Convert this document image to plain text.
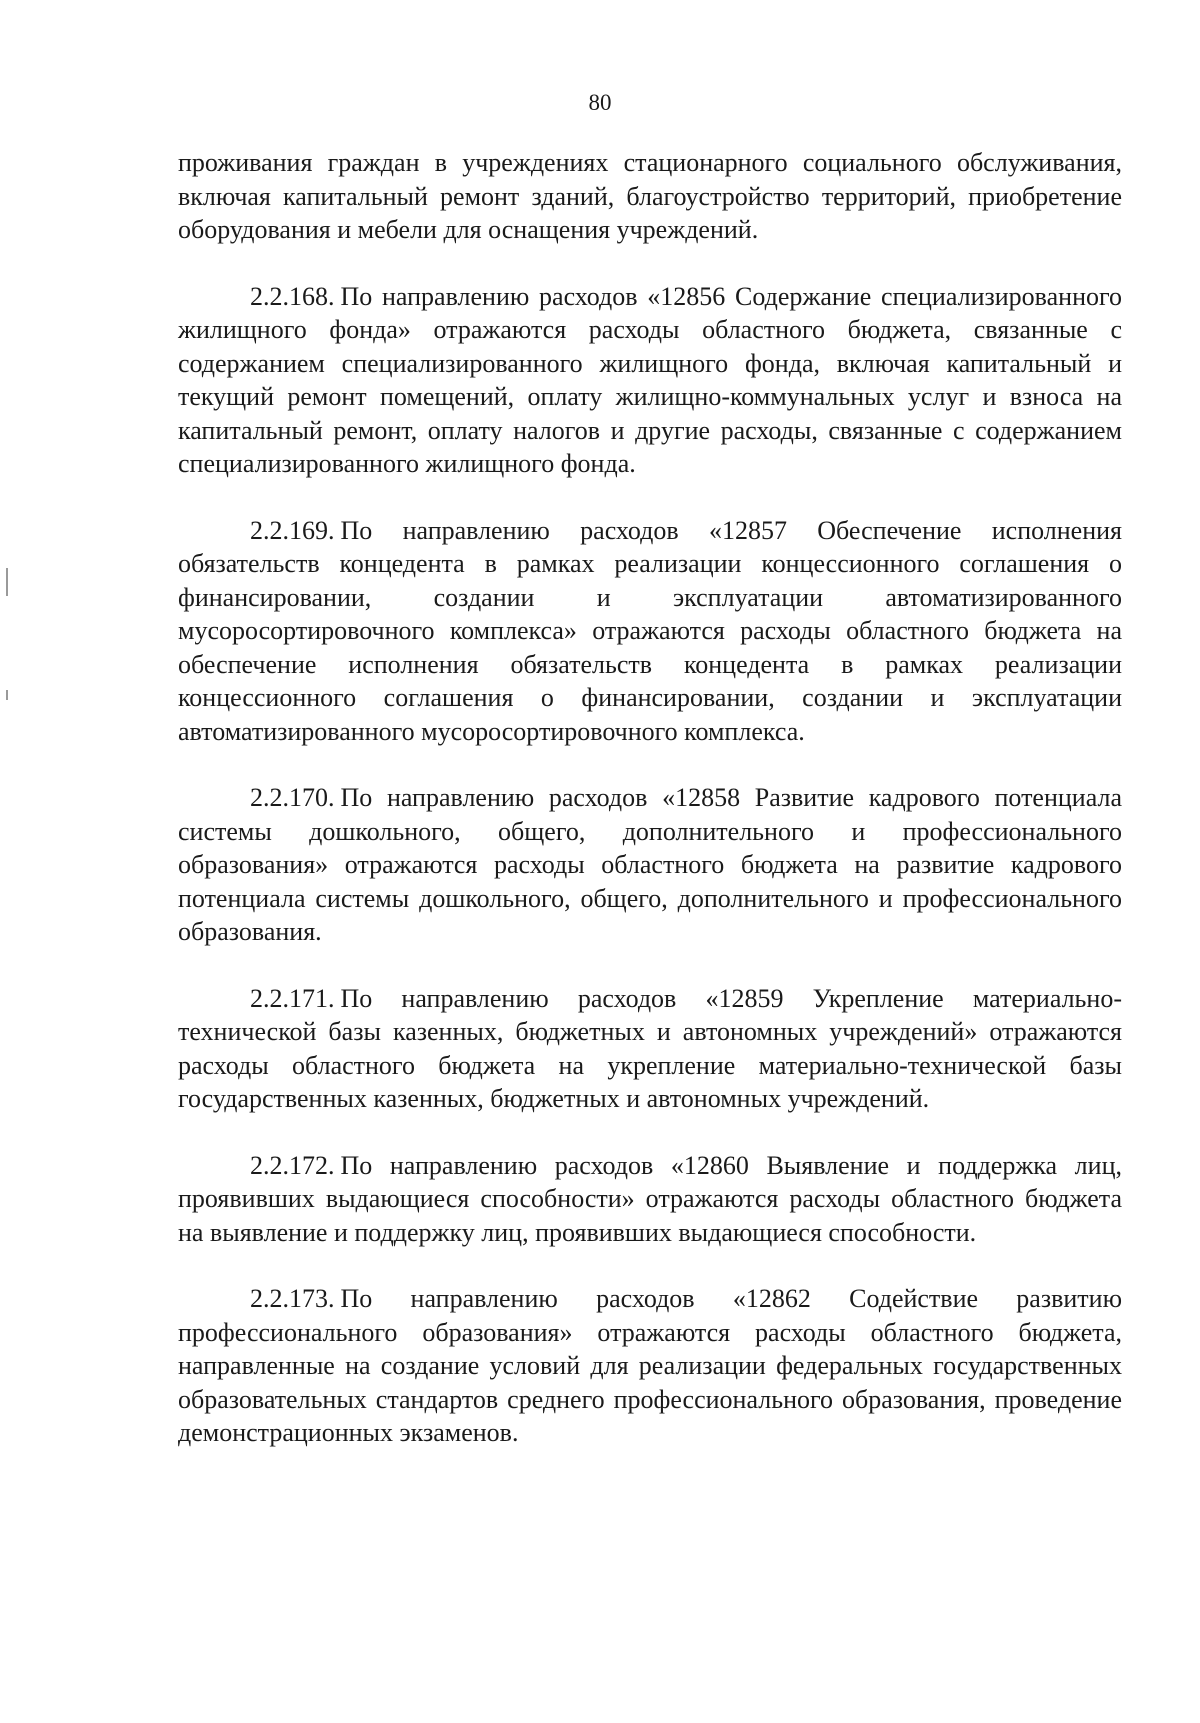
80

проживания граждан в учреждениях стационарного социального обслуживания, включая капитальный ремонт зданий, благоустройство территорий, приобретение оборудования и мебели для оснащения учреждений.

2.2.168. По направлению расходов «12856 Содержание специализированного жилищного фонда» отражаются расходы областного бюджета, связанные с содержанием специализированного жилищного фонда, включая капитальный и текущий ремонт помещений, оплату жилищно-коммунальных услуг и взноса на капитальный ремонт, оплату налогов и другие расходы, связанные с содержанием специализированного жилищного фонда.

2.2.169. По направлению расходов «12857 Обеспечение исполнения обязательств концедента в рамках реализации концессионного соглашения о финансировании, создании и эксплуатации автоматизированного мусоросортировочного комплекса» отражаются расходы областного бюджета на обеспечение исполнения обязательств концедента в рамках реализации концессионного соглашения о финансировании, создании и эксплуатации автоматизированного мусоросортировочного комплекса.

2.2.170. По направлению расходов «12858 Развитие кадрового потенциала системы дошкольного, общего, дополнительного и профессионального образования» отражаются расходы областного бюджета на развитие кадрового потенциала системы дошкольного, общего, дополнительного и профессионального образования.

2.2.171. По направлению расходов «12859 Укрепление материально-технической базы казенных, бюджетных и автономных учреждений» отражаются расходы областного бюджета на укрепление материально-технической базы государственных казенных, бюджетных и автономных учреждений.

2.2.172. По направлению расходов «12860 Выявление и поддержка лиц, проявивших выдающиеся способности» отражаются расходы областного бюджета на выявление и поддержку лиц, проявивших выдающиеся способности.

2.2.173. По направлению расходов «12862 Содействие развитию профессионального образования» отражаются расходы областного бюджета, направленные на создание условий для реализации федеральных государственных образовательных стандартов среднего профессионального образования, проведение демонстрационных экзаменов.
